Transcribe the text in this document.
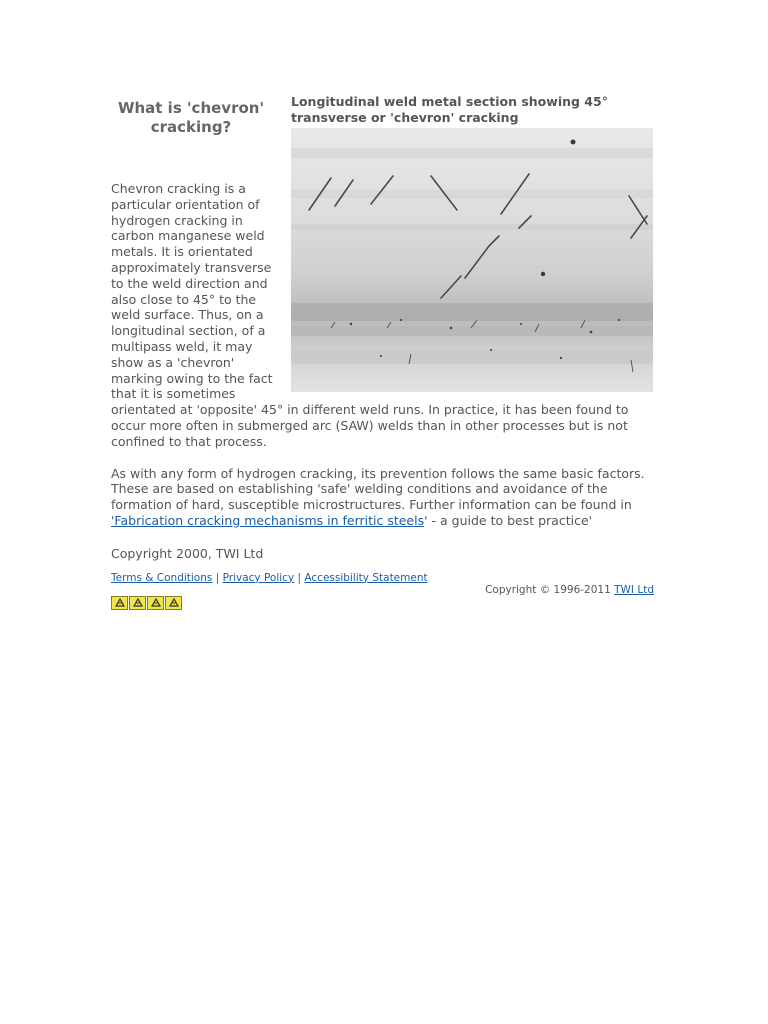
Longitudinal weld metal section showing 45° transverse or 'chevron' cracking
What is 'chevron' cracking?

Chevron cracking is a particular orientation of hydrogen cracking in carbon manganese weld metals. It is orientated approximately transverse to the weld direction and also close to 45° to the weld surface. Thus, on a longitudinal section, of a multipass weld, it may show as a 'chevron' marking owing to the fact that it is sometimes orientated at 'opposite' 45° in different weld runs. In practice, it has been found to occur more often in submerged arc (SAW) welds than in other processes but is not confined to that process.

As with any form of hydrogen cracking, its prevention follows the same basic factors. These are based on establishing 'safe' welding conditions and avoidance of the formation of hard, susceptible microstructures. Further information can be found in 'Fabrication cracking mechanisms in ferritic steels' - a guide to best practice'

Copyright 2000, TWI Ltd
Terms & Conditions | Privacy Policy | Accessibility Statement
Copyright © 1996-2011 TWI Ltd
